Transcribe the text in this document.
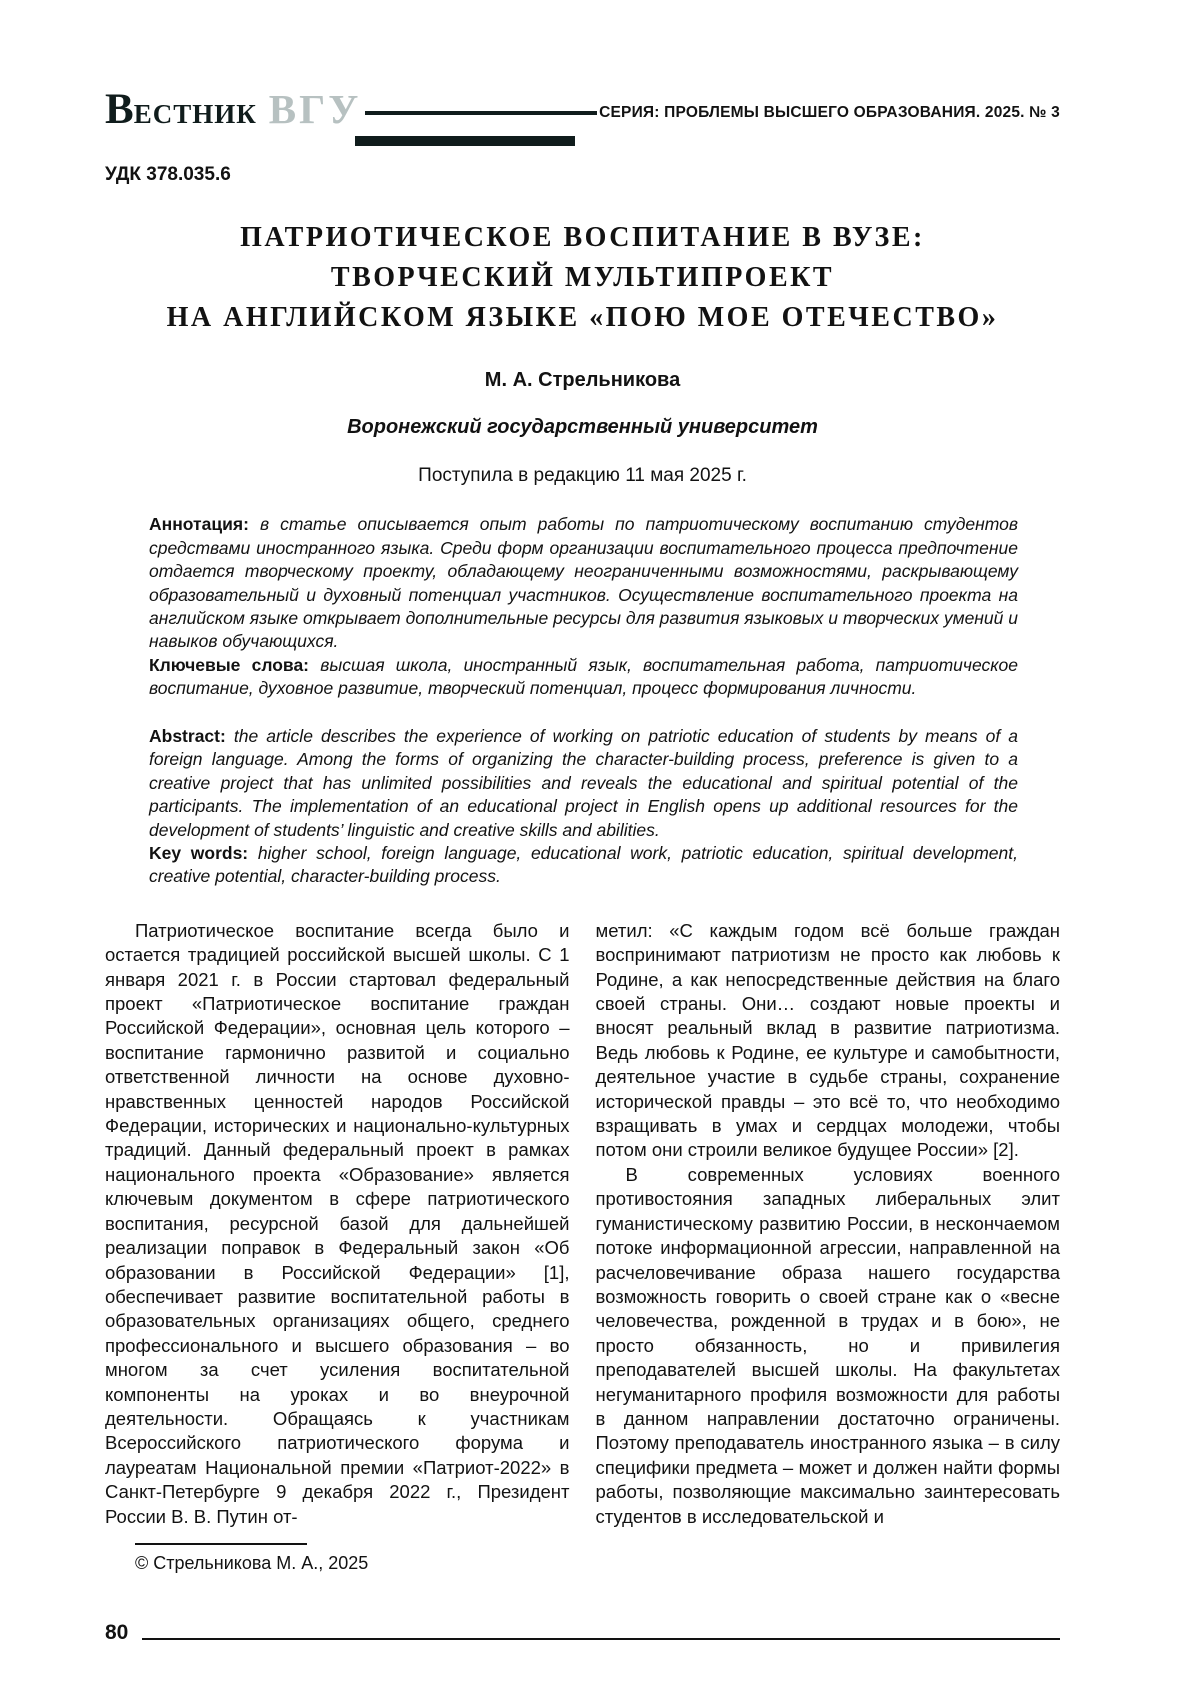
ВЕСТНИК ВГУ	СЕРИЯ: ПРОБЛЕМЫ ВЫСШЕГО ОБРАЗОВАНИЯ. 2025. № 3
УДК 378.035.6
ПАТРИОТИЧЕСКОЕ ВОСПИТАНИЕ В ВУЗЕ:
ТВОРЧЕСКИЙ МУЛЬТИПРОЕКТ
НА АНГЛИЙСКОМ ЯЗЫКЕ «ПОЮ МОЕ ОТЕЧЕСТВО»
М. А. Стрельникова
Воронежский государственный университет
Поступила в редакцию 11 мая 2025 г.

Аннотация: в статье описывается опыт работы по патриотическому воспитанию студентов средствами иностранного языка. Среди форм организации воспитательного процесса предпочтение отдается творческому проекту, обладающему неограниченными возможностями, раскрывающему образовательный и духовный потенциал участников. Осуществление воспитательного проекта на английском языке открывает дополнительные ресурсы для развития языковых и творческих умений и навыков обучающихся.

Ключевые слова: высшая школа, иностранный язык, воспитательная работа, патриотическое воспитание, духовное развитие, творческий потенциал, процесс формирования личности.

Abstract: the article describes the experience of working on patriotic education of students by means of a foreign language. Among the forms of organizing the character-building process, preference is given to a creative project that has unlimited possibilities and reveals the educational and spiritual potential of the participants. The implementation of an educational project in English opens up additional resources for the development of students’ linguistic and creative skills and abilities.

Key words: higher school, foreign language, educational work, patriotic education, spiritual development, creative potential, character-building process.

Патриотическое воспитание всегда было и остается традицией российской высшей школы. С 1 января 2021 г. в России стартовал федеральный проект «Патриотическое воспитание граждан Российской Федерации», основная цель которого – воспитание гармонично развитой и социально ответственной личности на основе духовно-нравственных ценностей народов Российской Федерации, исторических и национально-культурных традиций. Данный федеральный проект в рамках национального проекта «Образование» является ключевым документом в сфере патриотического воспитания, ресурсной базой для дальнейшей реализации поправок в Федеральный закон «Об образовании в Российской Федерации» [1], обеспечивает развитие воспитательной работы в образовательных организациях общего, среднего профессионального и высшего образования – во многом за счет усиления воспитательной компоненты на уроках и во внеурочной деятельности. Обращаясь к участникам Всероссийского патриотического форума и лауреатам Национальной премии «Патриот-2022» в Санкт-Петербурге 9 декабря 2022 г., Президент России В. В. Путин от-

© Стрельникова М. А., 2025

метил: «С каждым годом всё больше граждан воспринимают патриотизм не просто как любовь к Родине, а как непосредственные действия на благо своей страны. Они… создают новые проекты и вносят реальный вклад в развитие патриотизма. Ведь любовь к Родине, ее культуре и самобытности, деятельное участие в судьбе страны, сохранение исторической правды – это всё то, что необходимо взращивать в умах и сердцах молодежи, чтобы потом они строили великое будущее России» [2].

В современных условиях военного противостояния западных либеральных элит гуманистическому развитию России, в нескончаемом потоке информационной агрессии, направленной на расчеловечивание образа нашего государства возможность говорить о своей стране как о «весне человечества, рожденной в трудах и в бою», не просто обязанность, но и привилегия преподавателей высшей школы. На факультетах негуманитарного профиля возможности для работы в данном направлении достаточно ограничены. Поэтому преподаватель иностранного языка – в силу специфики предмета – может и должен найти формы работы, позволяющие максимально заинтересовать студентов в исследовательской и

80
